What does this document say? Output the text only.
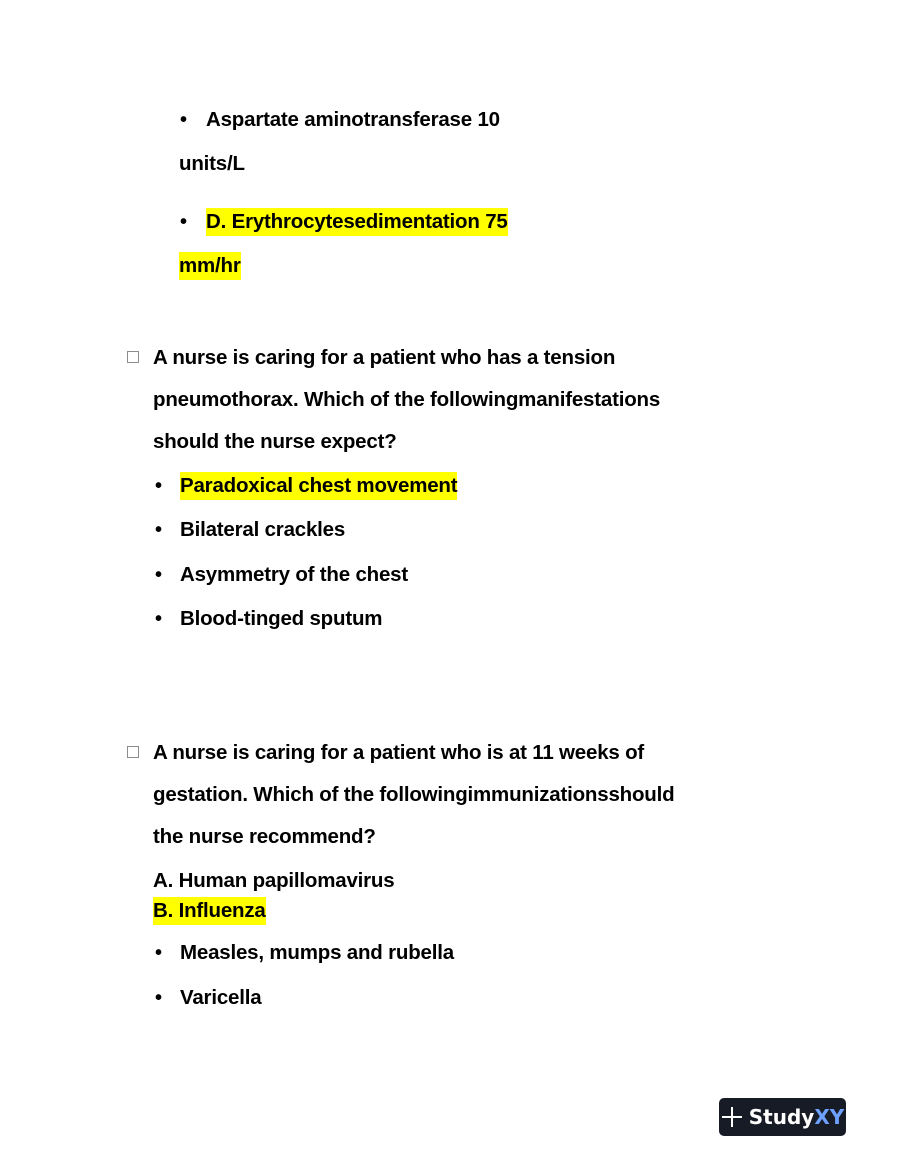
• Aspartate aminotransferase 10
units/L
• D. Erythrocytesedimentation 75
mm/hr
A nurse is caring for a patient who has a tension
pneumothorax. Which of the followingmanifestations
should the nurse expect?
• Paradoxical chest movement
• Bilateral crackles
• Asymmetry of the chest
• Blood-tinged sputum
A nurse is caring for a patient who is at 11 weeks of
gestation. Which of the followingimmunizationsshould
the nurse recommend?
A. Human papillomavirus
B. Influenza
• Measles, mumps and rubella
• Varicella
StudyXY
